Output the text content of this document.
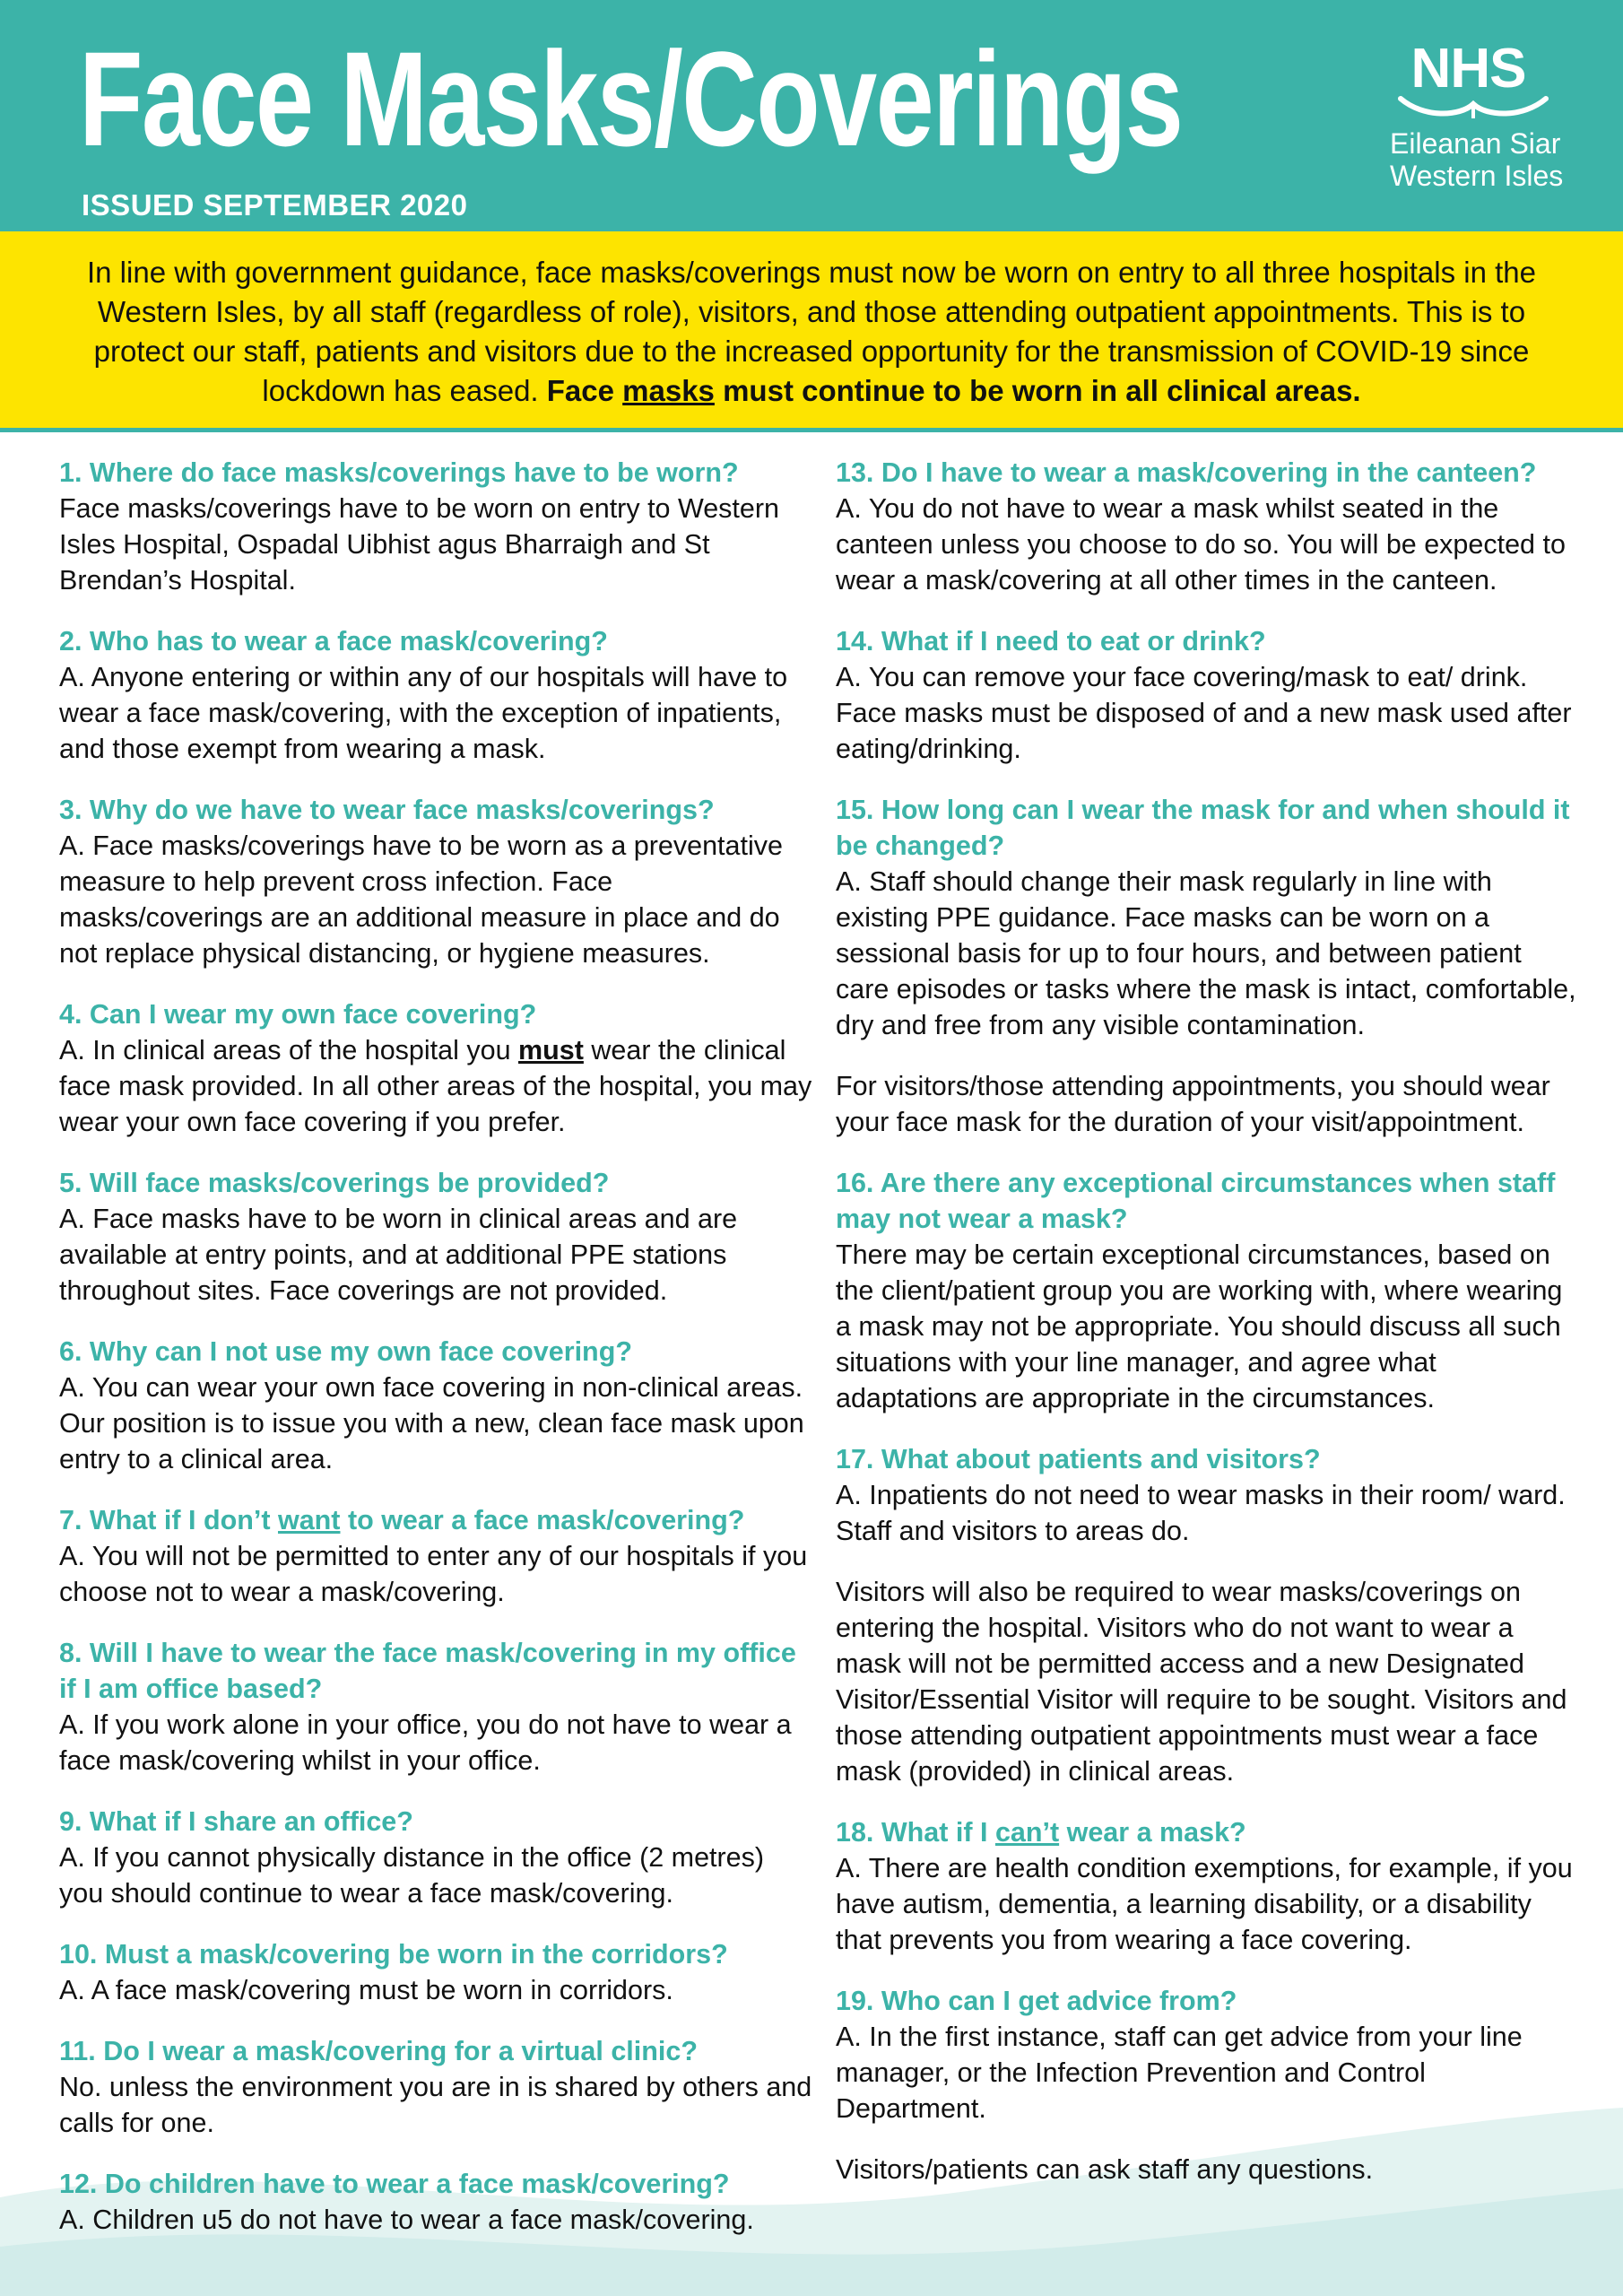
Face Masks/Coverings
ISSUED SEPTEMBER 2020
NHS
Eileanan Siar
Western Isles
In line with government guidance, face masks/coverings must now be worn on entry to all three hospitals in the Western Isles, by all staff (regardless of role), visitors, and those attending outpatient appointments. This is to protect our staff, patients and visitors due to the increased opportunity for the transmission of COVID-19 since lockdown has eased. Face masks must continue to be worn in all clinical areas.
1. Where do face masks/coverings have to be worn?
Face masks/coverings have to be worn on entry to Western Isles Hospital, Ospadal Uibhist agus Bharraigh and St Brendan’s Hospital.
2. Who has to wear a face mask/covering?
A. Anyone entering or within any of our hospitals will have to wear a face mask/covering, with the exception of inpatients, and those exempt from wearing a mask.
3. Why do we have to wear face masks/coverings?
A. Face masks/coverings have to be worn as a preventative measure to help prevent cross infection. Face masks/coverings are an additional measure in place and do not replace physical distancing, or hygiene measures.
4. Can I wear my own face covering?
A. In clinical areas of the hospital you must wear the clinical face mask provided. In all other areas of the hospital, you may wear your own face covering if you prefer.
5. Will face masks/coverings be provided?
A. Face masks have to be worn in clinical areas and are available at entry points, and at additional PPE stations throughout sites. Face coverings are not provided.
6. Why can I not use my own face covering?
A. You can wear your own face covering in non-clinical areas. Our position is to issue you with a new, clean face mask upon entry to a clinical area.
7. What if I don’t want to wear a face mask/covering?
A. You will not be permitted to enter any of our hospitals if you choose not to wear a mask/covering.
8. Will I have to wear the face mask/covering in my office if I am office based?
A. If you work alone in your office, you do not have to wear a face mask/covering whilst in your office.
9. What if I share an office?
A. If you cannot physically distance in the office (2 metres) you should continue to wear a face mask/covering.
10. Must a mask/covering be worn in the corridors?
A. A face mask/covering must be worn in corridors.
11. Do I wear a mask/covering for a virtual clinic?
No. unless the environment you are in is shared by others and calls for one.
12. Do children have to wear a face mask/covering?
A. Children u5 do not have to wear a face mask/covering.
13. Do I have to wear a mask/covering in the canteen?
A. You do not have to wear a mask whilst seated in the canteen unless you choose to do so. You will be expected to wear a mask/covering at all other times in the canteen.
14. What if I need to eat or drink?
A. You can remove your face covering/mask to eat/ drink. Face masks must be disposed of and a new mask used after eating/drinking.
15. How long can I wear the mask for and when should it be changed?
A. Staff should change their mask regularly in line with existing PPE guidance. Face masks can be worn on a sessional basis for up to four hours, and between patient care episodes or tasks where the mask is intact, comfortable, dry and free from any visible contamination.
For visitors/those attending appointments, you should wear your face mask for the duration of your visit/appointment.
16. Are there any exceptional circumstances when staff may not wear a mask?
There may be certain exceptional circumstances, based on the client/patient group you are working with, where wearing a mask may not be appropriate. You should discuss all such situations with your line manager, and agree what adaptations are appropriate in the circumstances.
17. What about patients and visitors?
A. Inpatients do not need to wear masks in their room/ ward. Staff and visitors to areas do.
Visitors will also be required to wear masks/coverings on entering the hospital. Visitors who do not want to wear a mask will not be permitted access and a new Designated Visitor/Essential Visitor will require to be sought. Visitors and those attending outpatient appointments must wear a face mask (provided) in clinical areas.
18. What if I can’t wear a mask?
A. There are health condition exemptions, for example, if you have autism, dementia, a learning disability, or a disability that prevents you from wearing a face covering.
19. Who can I get advice from?
A. In the first instance, staff can get advice from your line manager, or the Infection Prevention and Control Department.
Visitors/patients can ask staff any questions.
